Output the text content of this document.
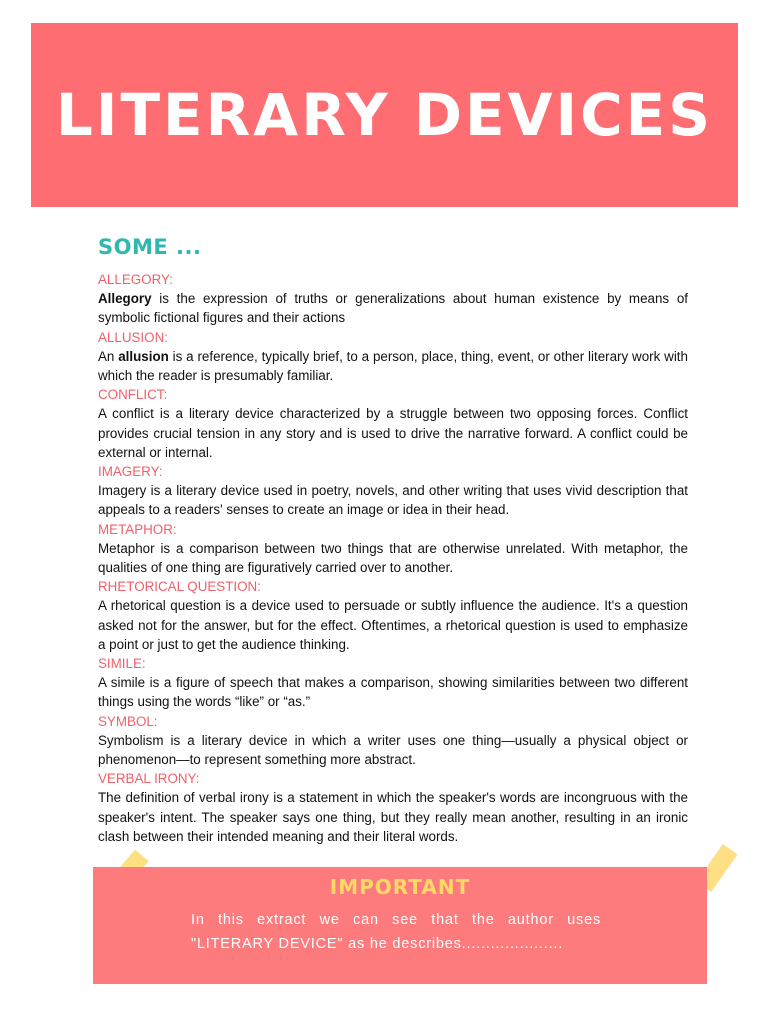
LITERARY DEVICES
SOME ...
ALLEGORY:

Allegory is the expression of truths or generalizations about human existence by means of symbolic fictional figures and their actions

ALLUSION:

An allusion is a reference, typically brief, to a person, place, thing, event, or other literary work with which the reader is presumably familiar.

CONFLICT:

A conflict is a literary device characterized by a struggle between two opposing forces. Conflict provides crucial tension in any story and is used to drive the narrative forward. A conflict could be external or internal.

IMAGERY:

Imagery is a literary device used in poetry, novels, and other writing that uses vivid description that appeals to a readers' senses to create an image or idea in their head.

METAPHOR:

Metaphor is a comparison between two things that are otherwise unrelated. With metaphor, the qualities of one thing are figuratively carried over to another.

RHETORICAL QUESTION:

A rhetorical question is a device used to persuade or subtly influence the audience. It's a question asked not for the answer, but for the effect. Oftentimes, a rhetorical question is used to emphasize a point or just to get the audience thinking.

SIMILE:

A simile is a figure of speech that makes a comparison, showing similarities between two different things using the words “like” or “as.”

SYMBOL:

Symbolism is a literary device in which a writer uses one thing—usually a physical object or phenomenon—to represent something more abstract.

VERBAL IRONY:

The definition of verbal irony is a statement in which the speaker's words are incongruous with the speaker's intent. The speaker says one thing, but they really mean another, resulting in an ironic clash between their intended meaning and their literal words.

IMPORTANT
In this extract we can see that the author uses "LITERARY DEVICE" as he describes.....................
